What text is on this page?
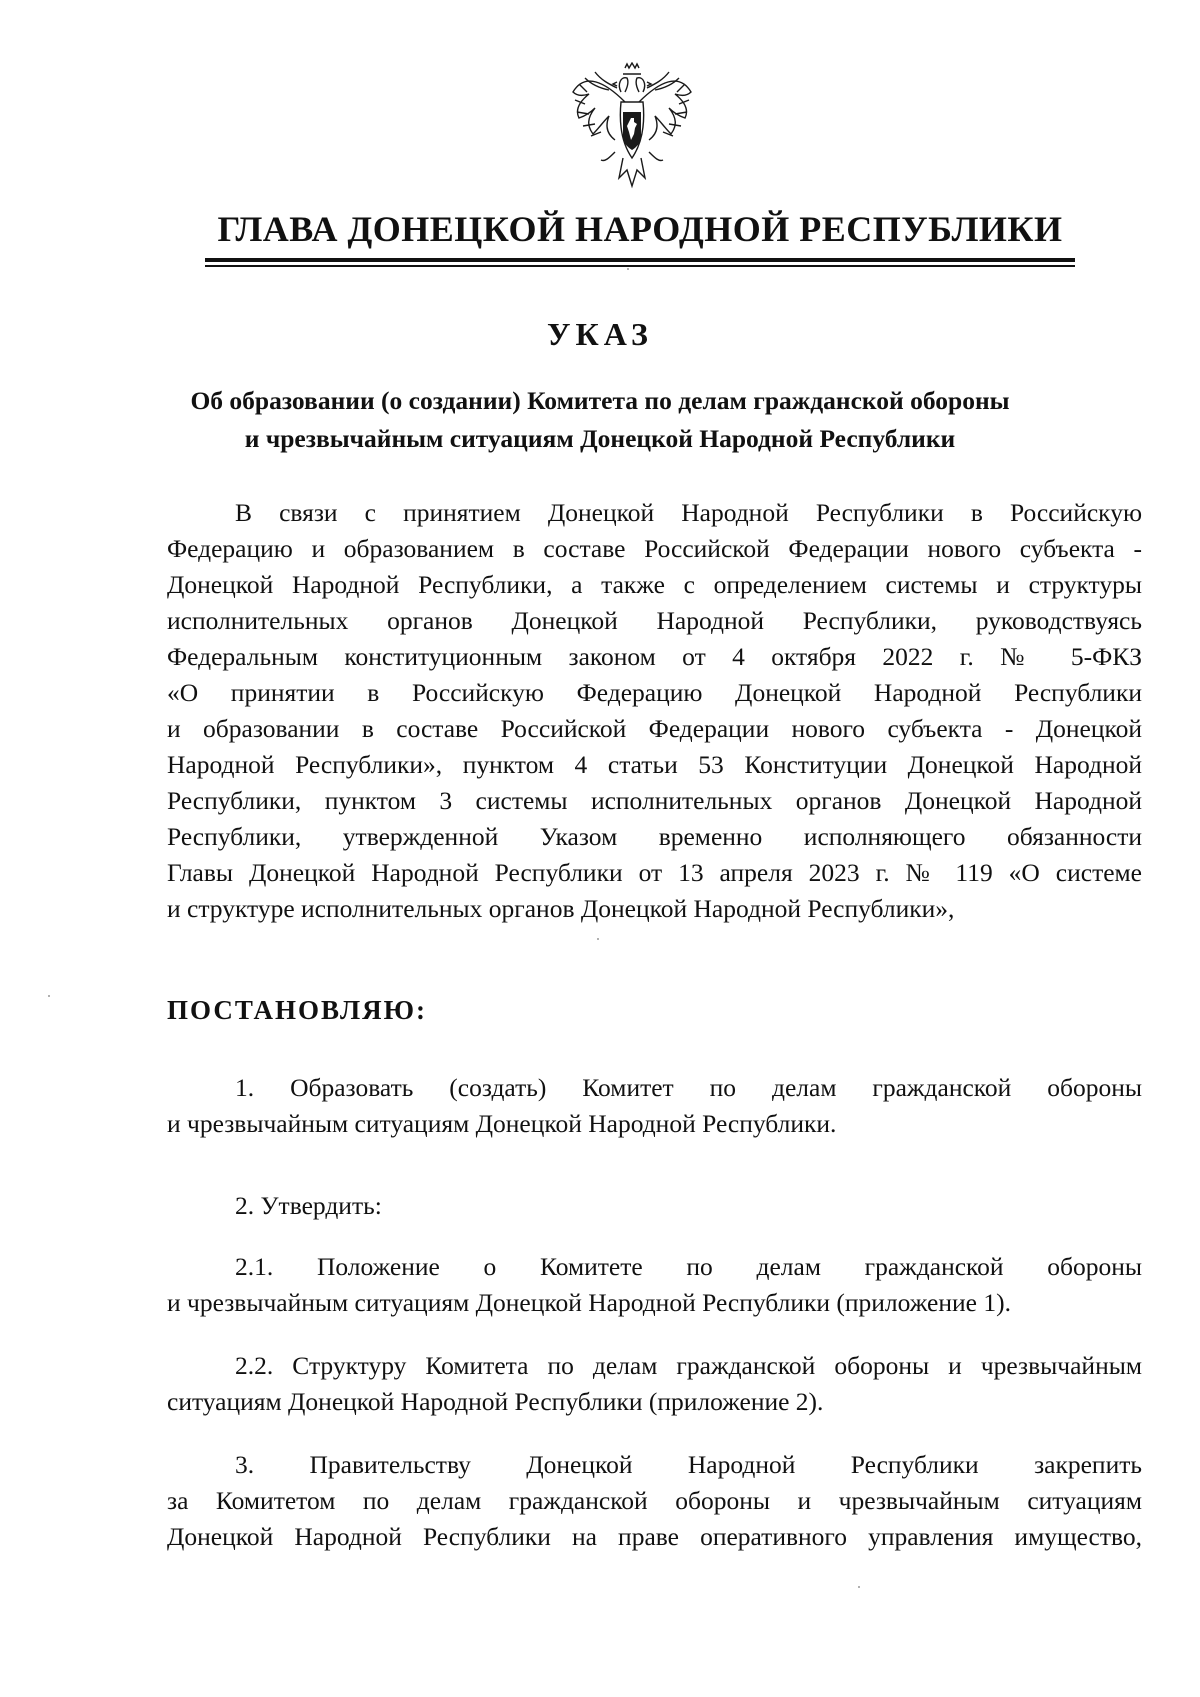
ГЛАВА ДОНЕЦКОЙ НАРОДНОЙ РЕСПУБЛИКИ
УКАЗ
Об образовании (о создании) Комитета по делам гражданской обороны
и чрезвычайным ситуациям Донецкой Народной Республики
В связи с принятием Донецкой Народной Республики в Российскую
Федерацию и образованием в составе Российской Федерации нового субъекта -
Донецкой Народной Республики, а также с определением системы и структуры
исполнительных органов Донецкой Народной Республики, руководствуясь
Федеральным конституционным законом от 4 октября 2022 г. № 5-ФКЗ
«О принятии в Российскую Федерацию Донецкой Народной Республики
и образовании в составе Российской Федерации нового субъекта - Донецкой
Народной Республики», пунктом 4 статьи 53 Конституции Донецкой Народной
Республики, пунктом 3 системы исполнительных органов Донецкой Народной
Республики, утвержденной Указом временно исполняющего обязанности
Главы Донецкой Народной Республики от 13 апреля 2023 г. № 119 «О системе
и структуре исполнительных органов Донецкой Народной Республики»,
ПОСТАНОВЛЯЮ:
1. Образовать (создать) Комитет по делам гражданской обороны
и чрезвычайным ситуациям Донецкой Народной Республики.
2. Утвердить:
2.1. Положение о Комитете по делам гражданской обороны
и чрезвычайным ситуациям Донецкой Народной Республики (приложение 1).
2.2. Структуру Комитета по делам гражданской обороны и чрезвычайным
ситуациям Донецкой Народной Республики (приложение 2).
3. Правительству Донецкой Народной Республики закрепить
за Комитетом по делам гражданской обороны и чрезвычайным ситуациям
Донецкой Народной Республики на праве оперативного управления имущество,
